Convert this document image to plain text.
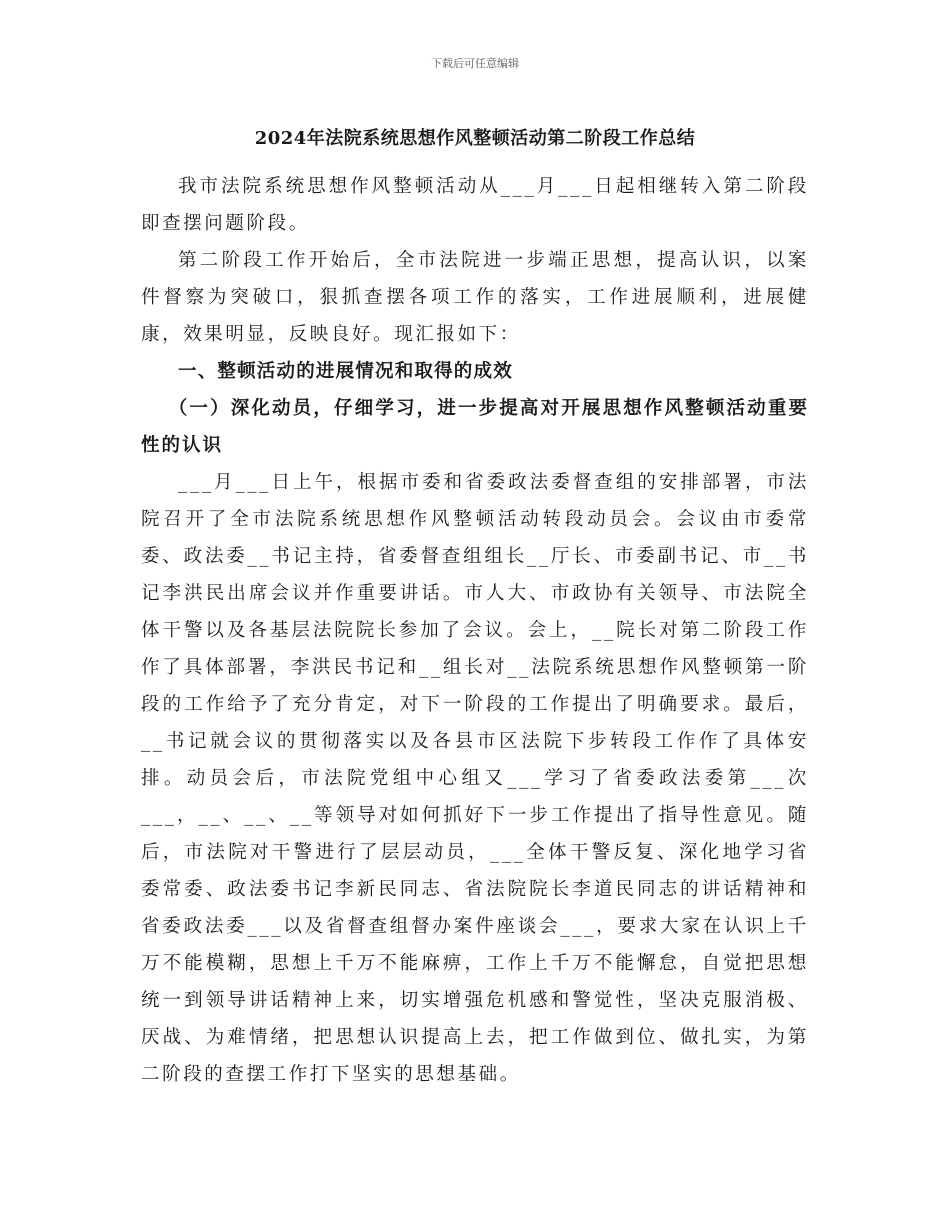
下载后可任意编辑
2024年法院系统思想作风整顿活动第二阶段工作总结

我市法院系统思想作风整顿活动从___月___日起相继转入第二阶段即查摆问题阶段。

第二阶段工作开始后，全市法院进一步端正思想，提高认识，以案件督察为突破口，狠抓查摆各项工作的落实，工作进展顺利，进展健康，效果明显，反映良好。现汇报如下：

一、整顿活动的进展情况和取得的成效

（一）深化动员，仔细学习，进一步提高对开展思想作风整顿活动重要性的认识

___月___日上午，根据市委和省委政法委督查组的安排部署，市法院召开了全市法院系统思想作风整顿活动转段动员会。会议由市委常委、政法委__书记主持，省委督查组组长__厅长、市委副书记、市__书记李洪民出席会议并作重要讲话。市人大、市政协有关领导、市法院全体干警以及各基层法院院长参加了会议。会上，__院长对第二阶段工作作了具体部署，李洪民书记和__组长对__法院系统思想作风整顿第一阶段的工作给予了充分肯定，对下一阶段的工作提出了明确要求。最后，__书记就会议的贯彻落实以及各县市区法院下步转段工作作了具体安排。动员会后，市法院党组中心组又___学习了省委政法委第___次___，__、__、__等领导对如何抓好下一步工作提出了指导性意见。随后，市法院对干警进行了层层动员，___全体干警反复、深化地学习省委常委、政法委书记李新民同志、省法院院长李道民同志的讲话精神和省委政法委___以及省督查组督办案件座谈会___，要求大家在认识上千万不能模糊，思想上千万不能麻痹，工作上千万不能懈怠，自觉把思想统一到领导讲话精神上来，切实增强危机感和警觉性，坚决克服消极、厌战、为难情绪，把思想认识提高上去，把工作做到位、做扎实，为第二阶段的查摆工作打下坚实的思想基础。
